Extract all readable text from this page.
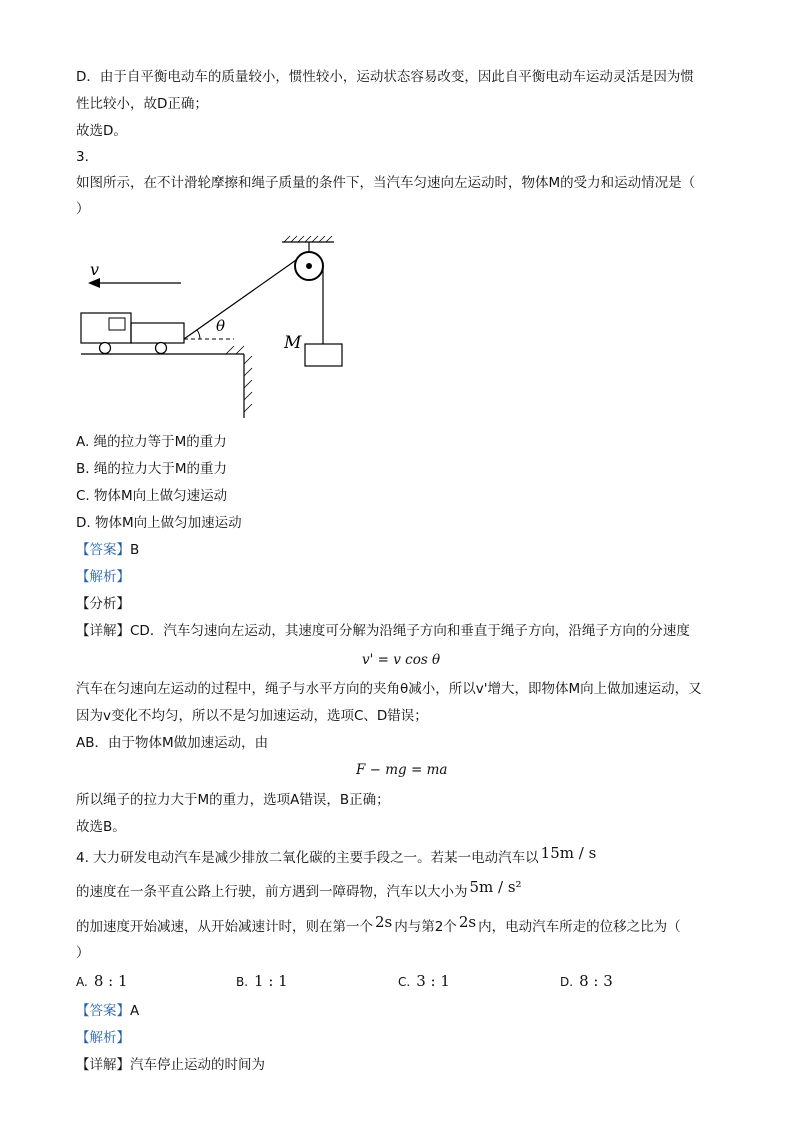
D．由于自平衡电动车的质量较小，惯性较小，运动状态容易改变，因此自平衡电动车运动灵活是因为惯
性比较小，故D正确；
故选D。
3.
如图所示，在不计滑轮摩擦和绳子质量的条件下，当汽车匀速向左运动时，物体M的受力和运动情况是（
）
v
θ
M
A. 绳的拉力等于M的重力
B. 绳的拉力大于M的重力
C. 物体M向上做匀速运动
D. 物体M向上做匀加速运动
【答案】B
【解析】
【分析】
【详解】CD．汽车匀速向左运动，其速度可分解为沿绳子方向和垂直于绳子方向，沿绳子方向的分速度
v' = v cos θ
汽车在匀速向左运动的过程中，绳子与水平方向的夹角θ减小，所以v'增大，即物体M向上做加速运动，又
因为v变化不均匀，所以不是匀加速运动，选项C、D错误；
AB．由于物体M做加速运动，由
F − mg = ma
所以绳子的拉力大于M的重力，选项A错误，B正确；
故选B。
4. 大力研发电动汽车是减少排放二氧化碳的主要手段之一。若某一电动汽车以 15m / s
的速度在一条平直公路上行驶，前方遇到一障碍物，汽车以大小为 5m / s²
的加速度开始减速，从开始减速计时，则在第一个 2s 内与第2个 2s 内，电动汽车所走的位移之比为（
）
A. 8 : 1	B. 1 : 1	C. 3 : 1	D. 8 : 3
【答案】A
【解析】
【详解】汽车停止运动的时间为
